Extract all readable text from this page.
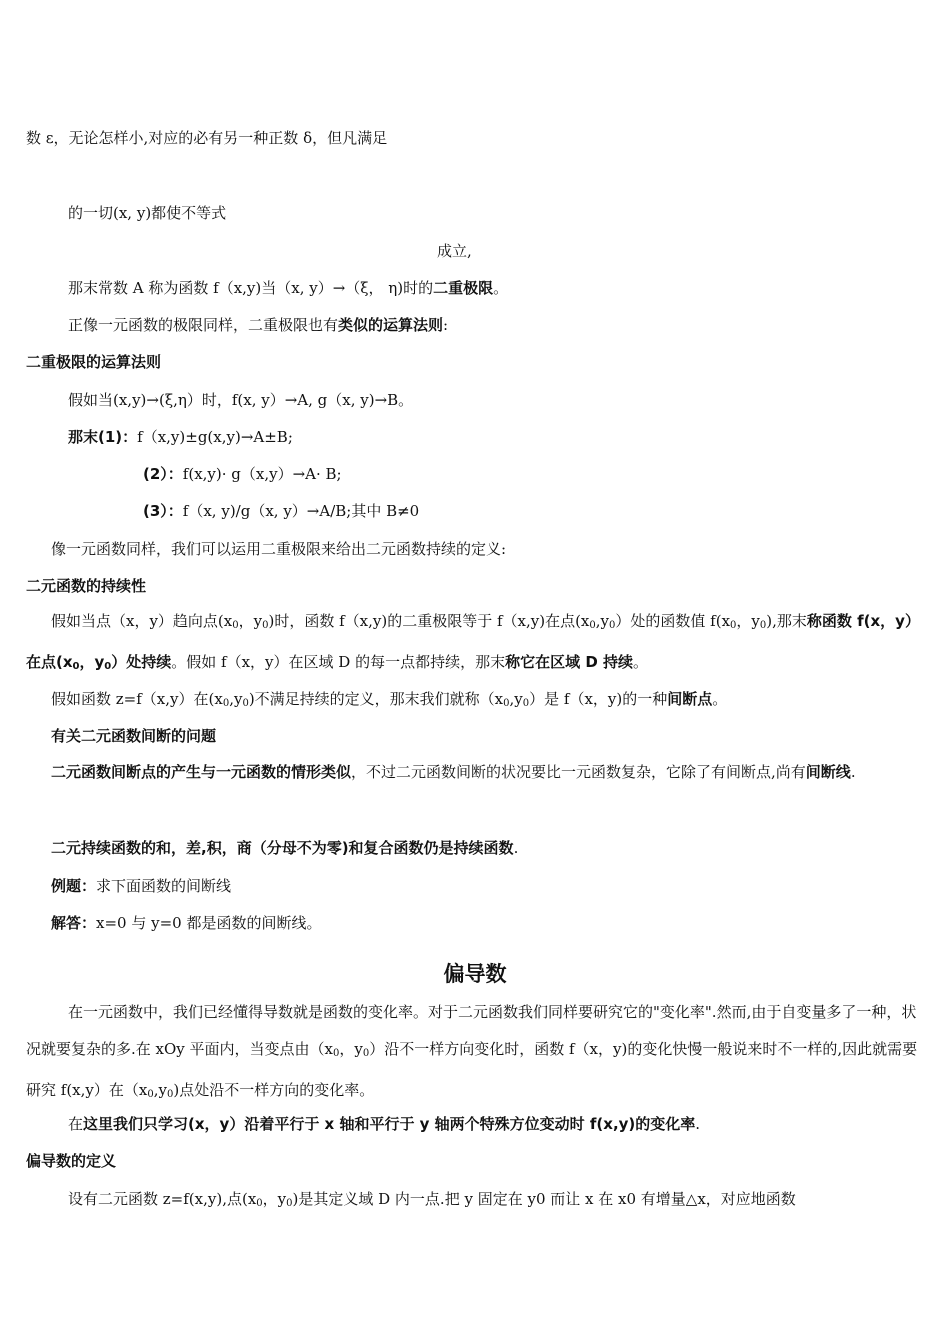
数 ε，无论怎样小,对应的必有另一种正数 δ，但凡满足
的一切(x, y)都使不等式
成立,
那末常数 A 称为函数 f（x,y)当（x, y）→（ξ， η)时的二重极限。
正像一元函数的极限同样，二重极限也有类似的运算法则:
二重极限的运算法则
假如当(x,y)→(ξ,η）时，f(x, y）→A, g（x, y)→B。
那末(1)：f（x,y)±g(x,y)→A±B;
(2）：f(x,y)· g（x,y）→A· B;
(3）：f（x, y)/g（x, y）→A/B;其中 B≠0
像一元函数同样，我们可以运用二重极限来给出二元函数持续的定义:
二元函数的持续性
假如当点（x，y）趋向点($x_0$，$y_0$)时，函数 f（x,y)的二重极限等于 f（x,y)在点$(x_0,y_0)$处的函数值 $f(x_0$，$y_0$),那末称函数 f(x，y）在点($x_0$，$y_0$）处持续。假如 f（x，y）在区域 D 的每一点都持续，那末称它在区域 D 持续。
假如函数 z=f（x,y）在$(x_0,y_0)$不满足持续的定义，那末我们就称$(x_0,y_0)$是 f（x，y)的一种间断点。
有关二元函数间断的问题
二元函数间断点的产生与一元函数的情形类似，不过二元函数间断的状况要比一元函数复杂，它除了有间断点,尚有间断线.
二元持续函数的和，差,积，商（分母不为零)和复合函数仍是持续函数.
例题：求下面函数的间断线
解答：x=0 与 y=0 都是函数的间断线。
偏导数
在一元函数中，我们已经懂得导数就是函数的变化率。对于二元函数我们同样要研究它的"变化率".然而,由于自变量多了一种，状况就要复杂的多.在 xOy 平面内，当变点由（$x_0$，$y_0$）沿不一样方向变化时，函数 f（x，y)的变化快慢一般说来时不一样的,因此就需要研究 f(x,y）在$(x_0,y_0)$点处沿不一样方向的变化率。
在这里我们只学习(x，y）沿着平行于 x 轴和平行于 y 轴两个特殊方位变动时 f(x,y)的变化率.
偏导数的定义
设有二元函数 z=f(x,y),点($x_0$，$y_0$)是其定义域 D 内一点.把 y 固定在 y0 而让 x 在 x0 有增量△x，对应地函数
